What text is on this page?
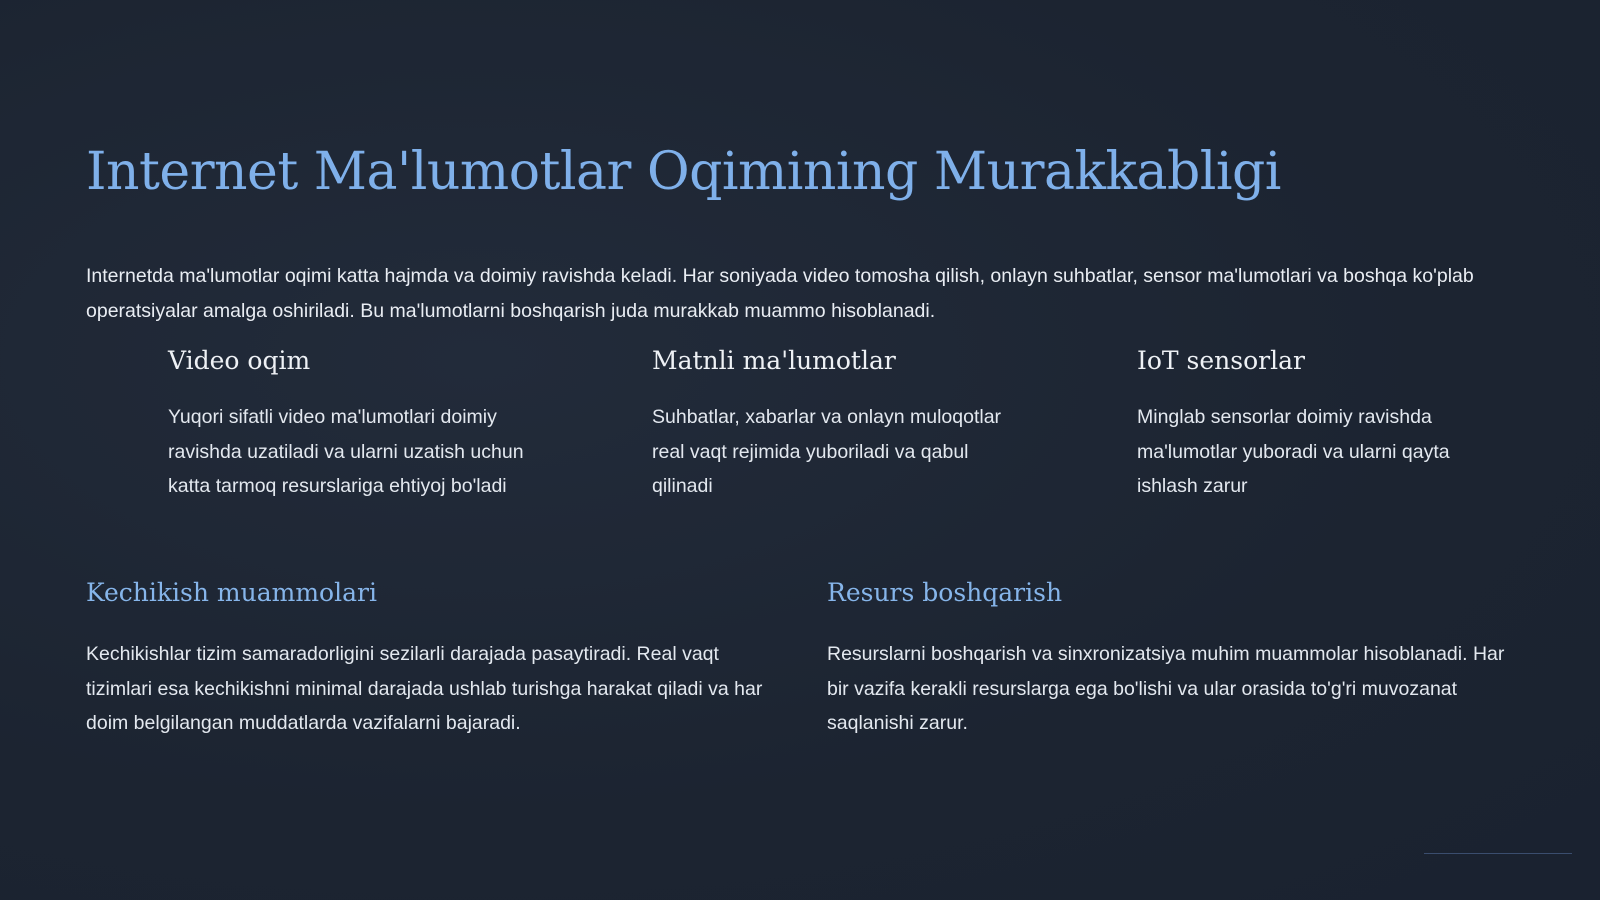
Internet Ma'lumotlar Oqimining Murakkabligi

Internetda ma'lumotlar oqimi katta hajmda va doimiy ravishda keladi. Har soniyada video tomosha qilish, onlayn suhbatlar, sensor ma'lumotlari va boshqa ko'plab operatsiyalar amalga oshiriladi. Bu ma'lumotlarni boshqarish juda murakkab muammo hisoblanadi.

Video oqim

Yuqori sifatli video ma'lumotlari doimiy ravishda uzatiladi va ularni uzatish uchun katta tarmoq resurslariga ehtiyoj bo'ladi

Matnli ma'lumotlar

Suhbatlar, xabarlar va onlayn muloqotlar real vaqt rejimida yuboriladi va qabul qilinadi

IoT sensorlar

Minglab sensorlar doimiy ravishda ma'lumotlar yuboradi va ularni qayta ishlash zarur

Kechikish muammolari

Kechikishlar tizim samaradorligini sezilarli darajada pasaytiradi. Real vaqt tizimlari esa kechikishni minimal darajada ushlab turishga harakat qiladi va har doim belgilangan muddatlarda vazifalarni bajaradi.

Resurs boshqarish

Resurslarni boshqarish va sinxronizatsiya muhim muammolar hisoblanadi. Har bir vazifa kerakli resurslarga ega bo'lishi va ular orasida to'g'ri muvozanat saqlanishi zarur.
